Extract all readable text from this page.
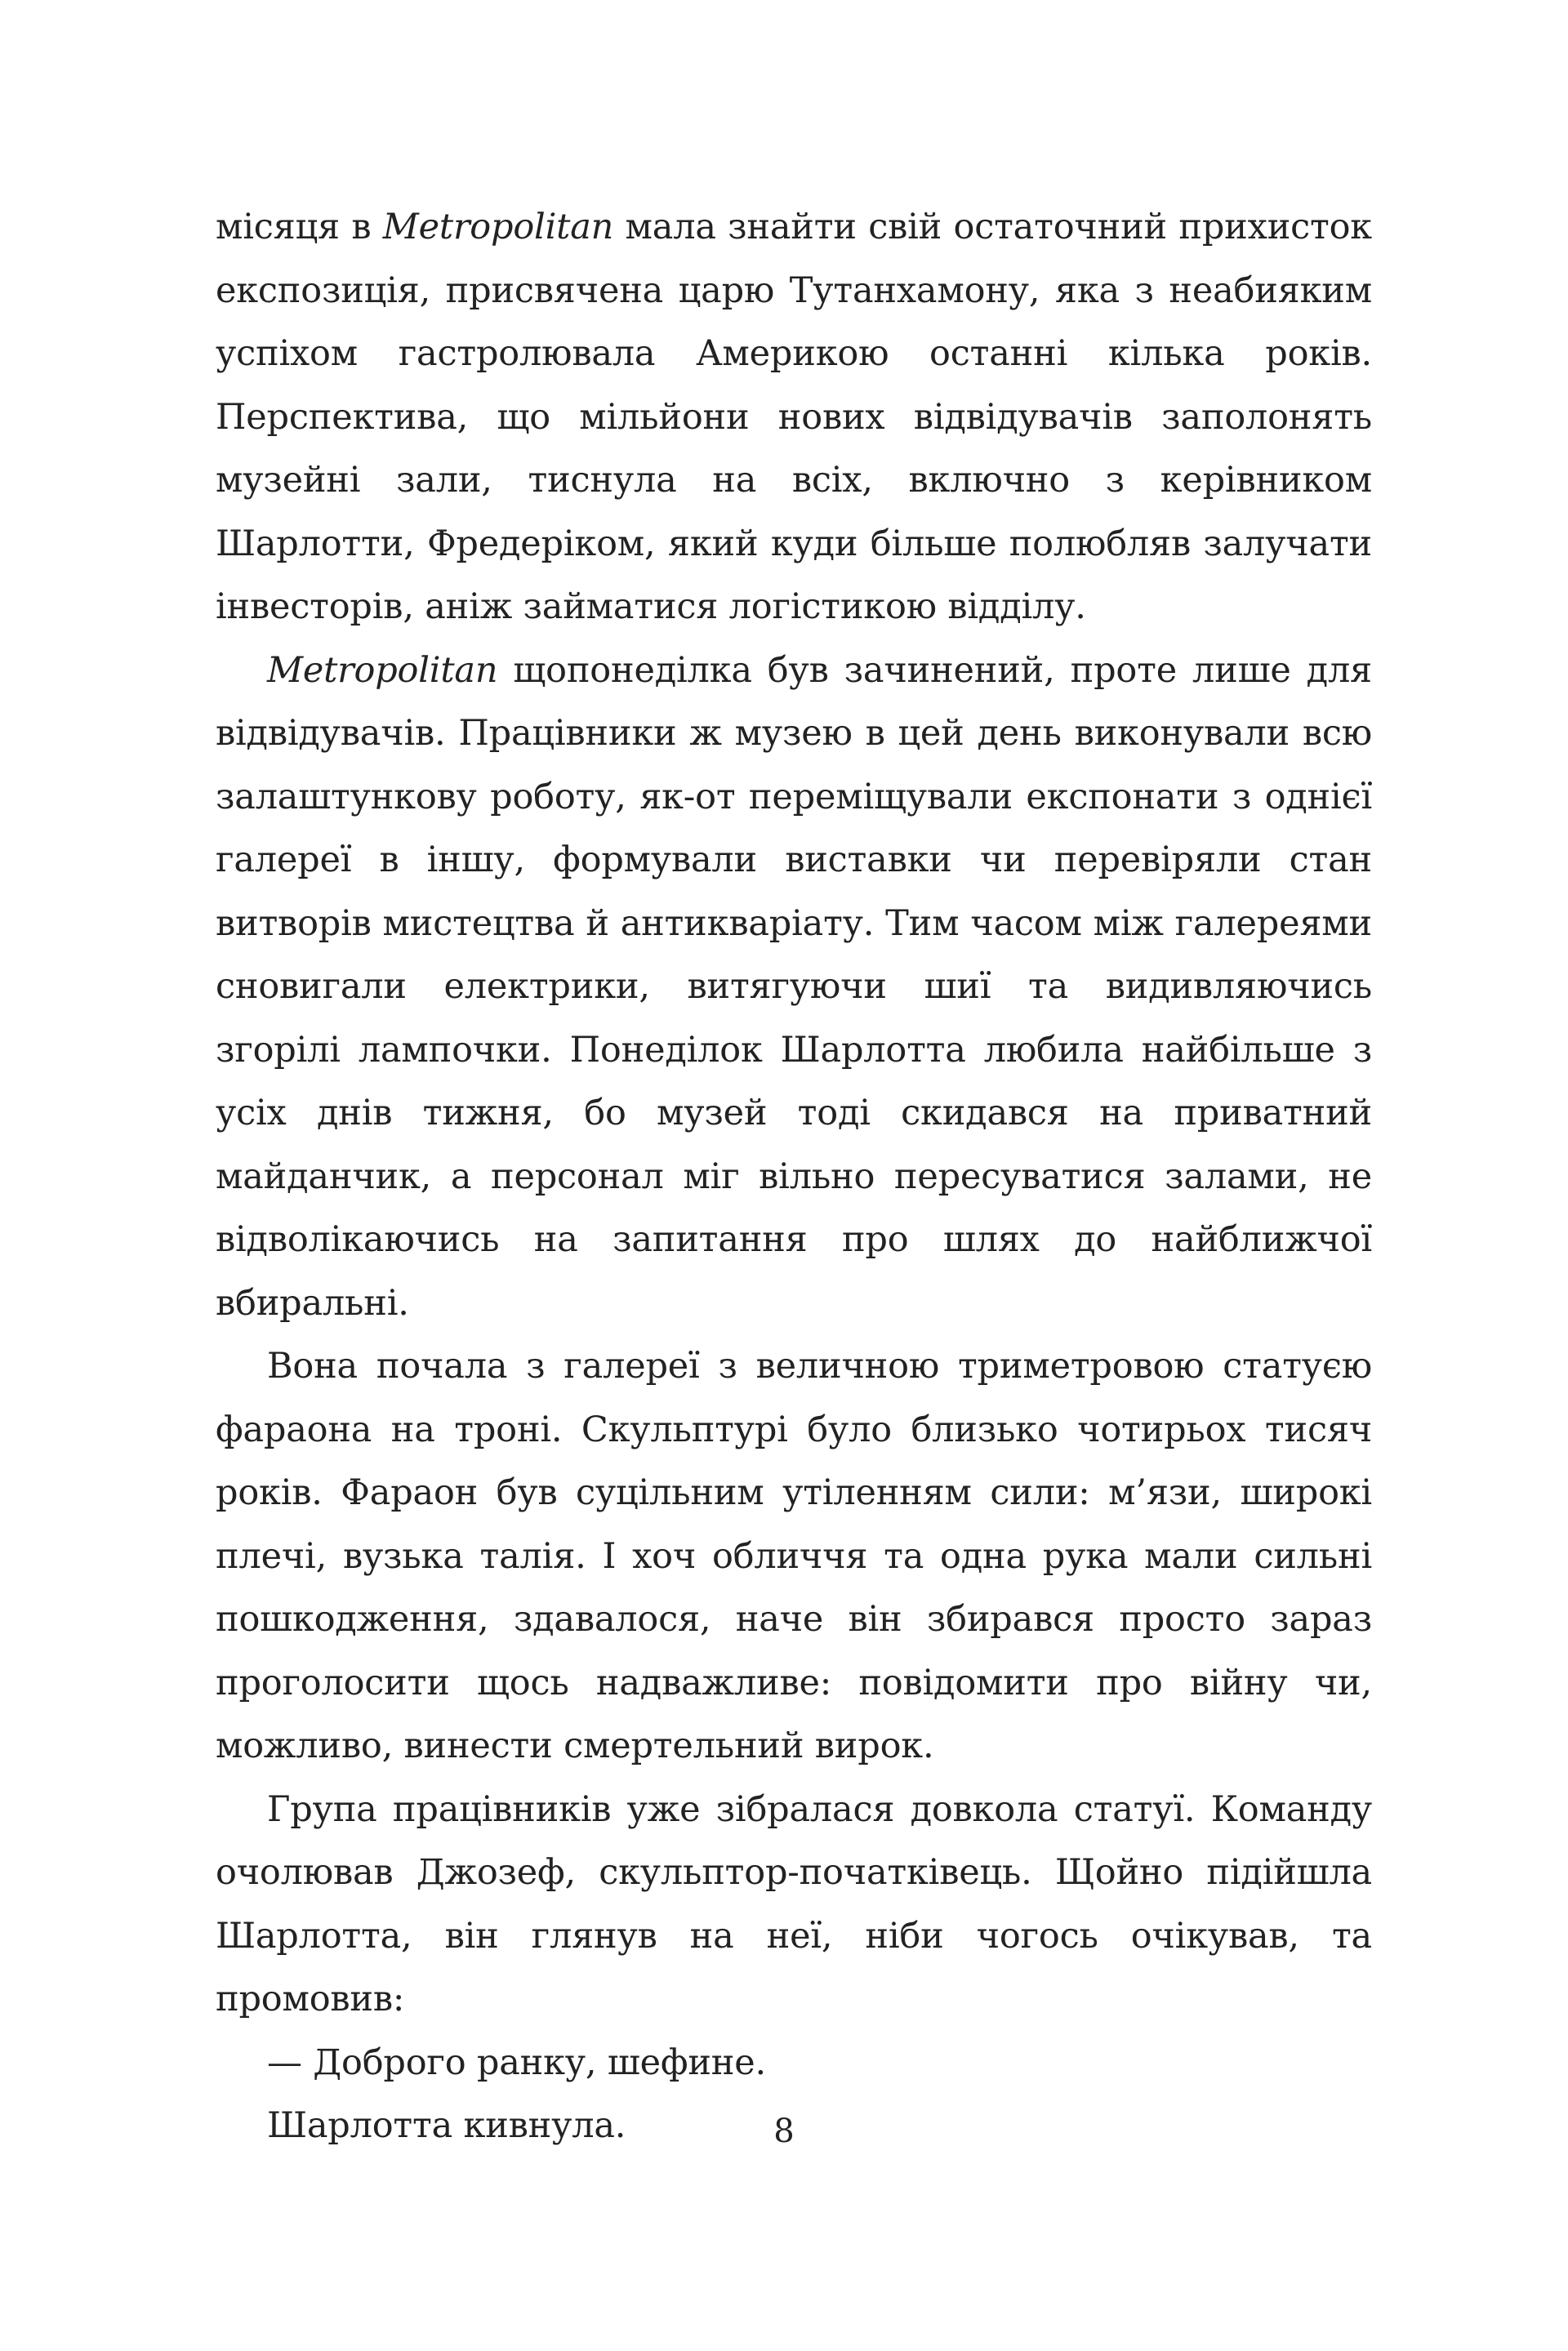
місяця в Metropolitan мала знайти свій остаточний прихисток експозиція, присвячена царю Тутанхамону, яка з неабияким успіхом гастролювала Америкою останні кілька років. Перспектива, що мільйони нових відвідувачів заполонять музейні зали, тиснула на всіх, включно з керівником Шарлотти, Фредеріком, який куди більше полюбляв залучати інвесторів, аніж займатися логістикою відділу.

Metropolitan щопонеділка був зачинений, проте лише для відвідувачів. Працівники ж музею в цей день виконували всю залаштункову роботу, як-от переміщували експонати з однієї галереї в іншу, формували виставки чи перевіряли стан витворів мистецтва й антикваріату. Тим часом між галереями сновигали електрики, витягуючи шиї та видивляючись згорілі лампочки. Понеділок Шарлотта любила найбільше з усіх днів тижня, бо музей тоді скидався на приватний майданчик, а персонал міг вільно пересуватися залами, не відволікаючись на запитання про шлях до найближчої вбиральні.

Вона почала з галереї з величною триметровою статуєю фараона на троні. Скульптурі було близько чотирьох тисяч років. Фараон був суцільним утіленням сили: м’язи, широкі плечі, вузька талія. І хоч обличчя та одна рука мали сильні пошкодження, здавалося, наче він збирався просто зараз проголосити щось надважливе: повідомити про війну чи, можливо, винести смертельний вирок.

Група працівників уже зібралася довкола статуї. Команду очолював Джозеф, скульптор-початківець. Щойно підійшла Шарлотта, він глянув на неї, ніби чогось очікував, та промовив:

— Доброго ранку, шефине.

Шарлотта кивнула.	8
